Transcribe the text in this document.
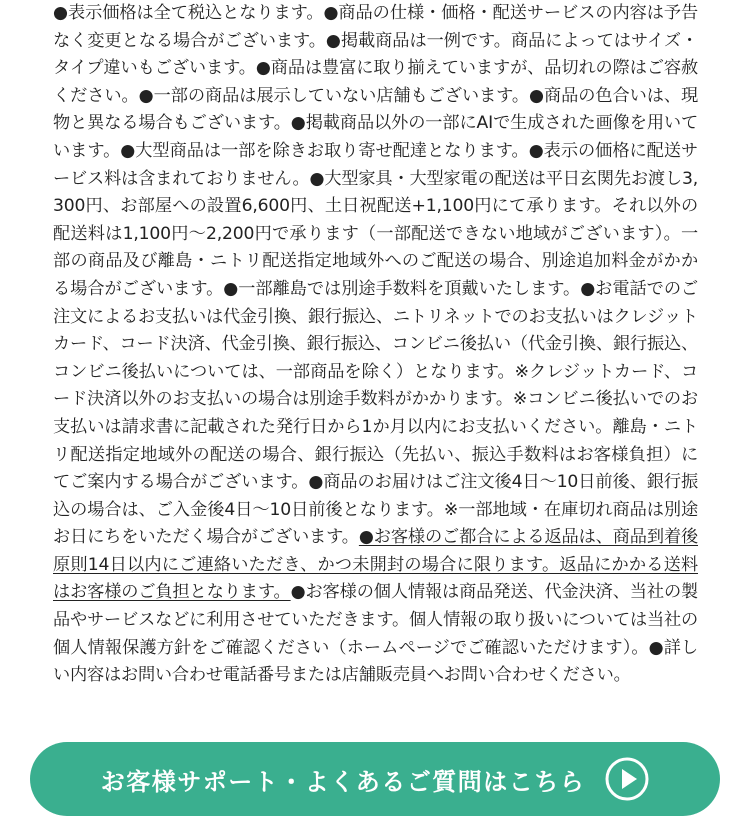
●表示価格は全て税込となります。●商品の仕様・価格・配送サービスの内容は予告なく変更となる場合がございます。●掲載商品は一例です。商品によってはサイズ・タイプ違いもございます。●商品は豊富に取り揃えていますが、品切れの際はご容赦ください。●一部の商品は展示していない店舗もございます。●商品の色合いは、現物と異なる場合もございます。●掲載商品以外の一部にAIで生成された画像を用いています。●大型商品は一部を除きお取り寄せ配達となります。●表示の価格に配送サービス料は含まれておりません。●大型家具・大型家電の配送は平日玄関先お渡し3,300円、お部屋への設置6,600円、土日祝配送+1,100円にて承ります。それ以外の配送料は1,100円〜2,200円で承ります（一部配送できない地域がございます）。一部の商品及び離島・ニトリ配送指定地域外へのご配送の場合、別途追加料金がかかる場合がございます。●一部離島では別途手数料を頂戴いたします。●お電話でのご注文によるお支払いは代金引換、銀行振込、ニトリネットでのお支払いはクレジットカード、コード決済、代金引換、銀行振込、コンビニ後払い（代金引換、銀行振込、コンビニ後払いについては、一部商品を除く）となります。※クレジットカード、コード決済以外のお支払いの場合は別途手数料がかかります。※コンビニ後払いでのお支払いは請求書に記載された発行日から1か月以内にお支払いください。離島・ニトリ配送指定地域外の配送の場合、銀行振込（先払い、振込手数料はお客様負担）にてご案内する場合がございます。●商品のお届けはご注文後4日〜10日前後、銀行振込の場合は、ご入金後4日〜10日前後となります。※一部地域・在庫切れ商品は別途お日にちをいただく場合がございます。●お客様のご都合による返品は、商品到着後原則14日以内にご連絡いただき、かつ未開封の場合に限ります。返品にかかる送料はお客様のご負担となります。●お客様の個人情報は商品発送、代金決済、当社の製品やサービスなどに利用させていただきます。個人情報の取り扱いについては当社の個人情報保護方針をご確認ください（ホームページでご確認いただけます）。●詳しい内容はお問い合わせ電話番号または店舗販売員へお問い合わせください。
お客様サポート・よくあるご質問はこちら
